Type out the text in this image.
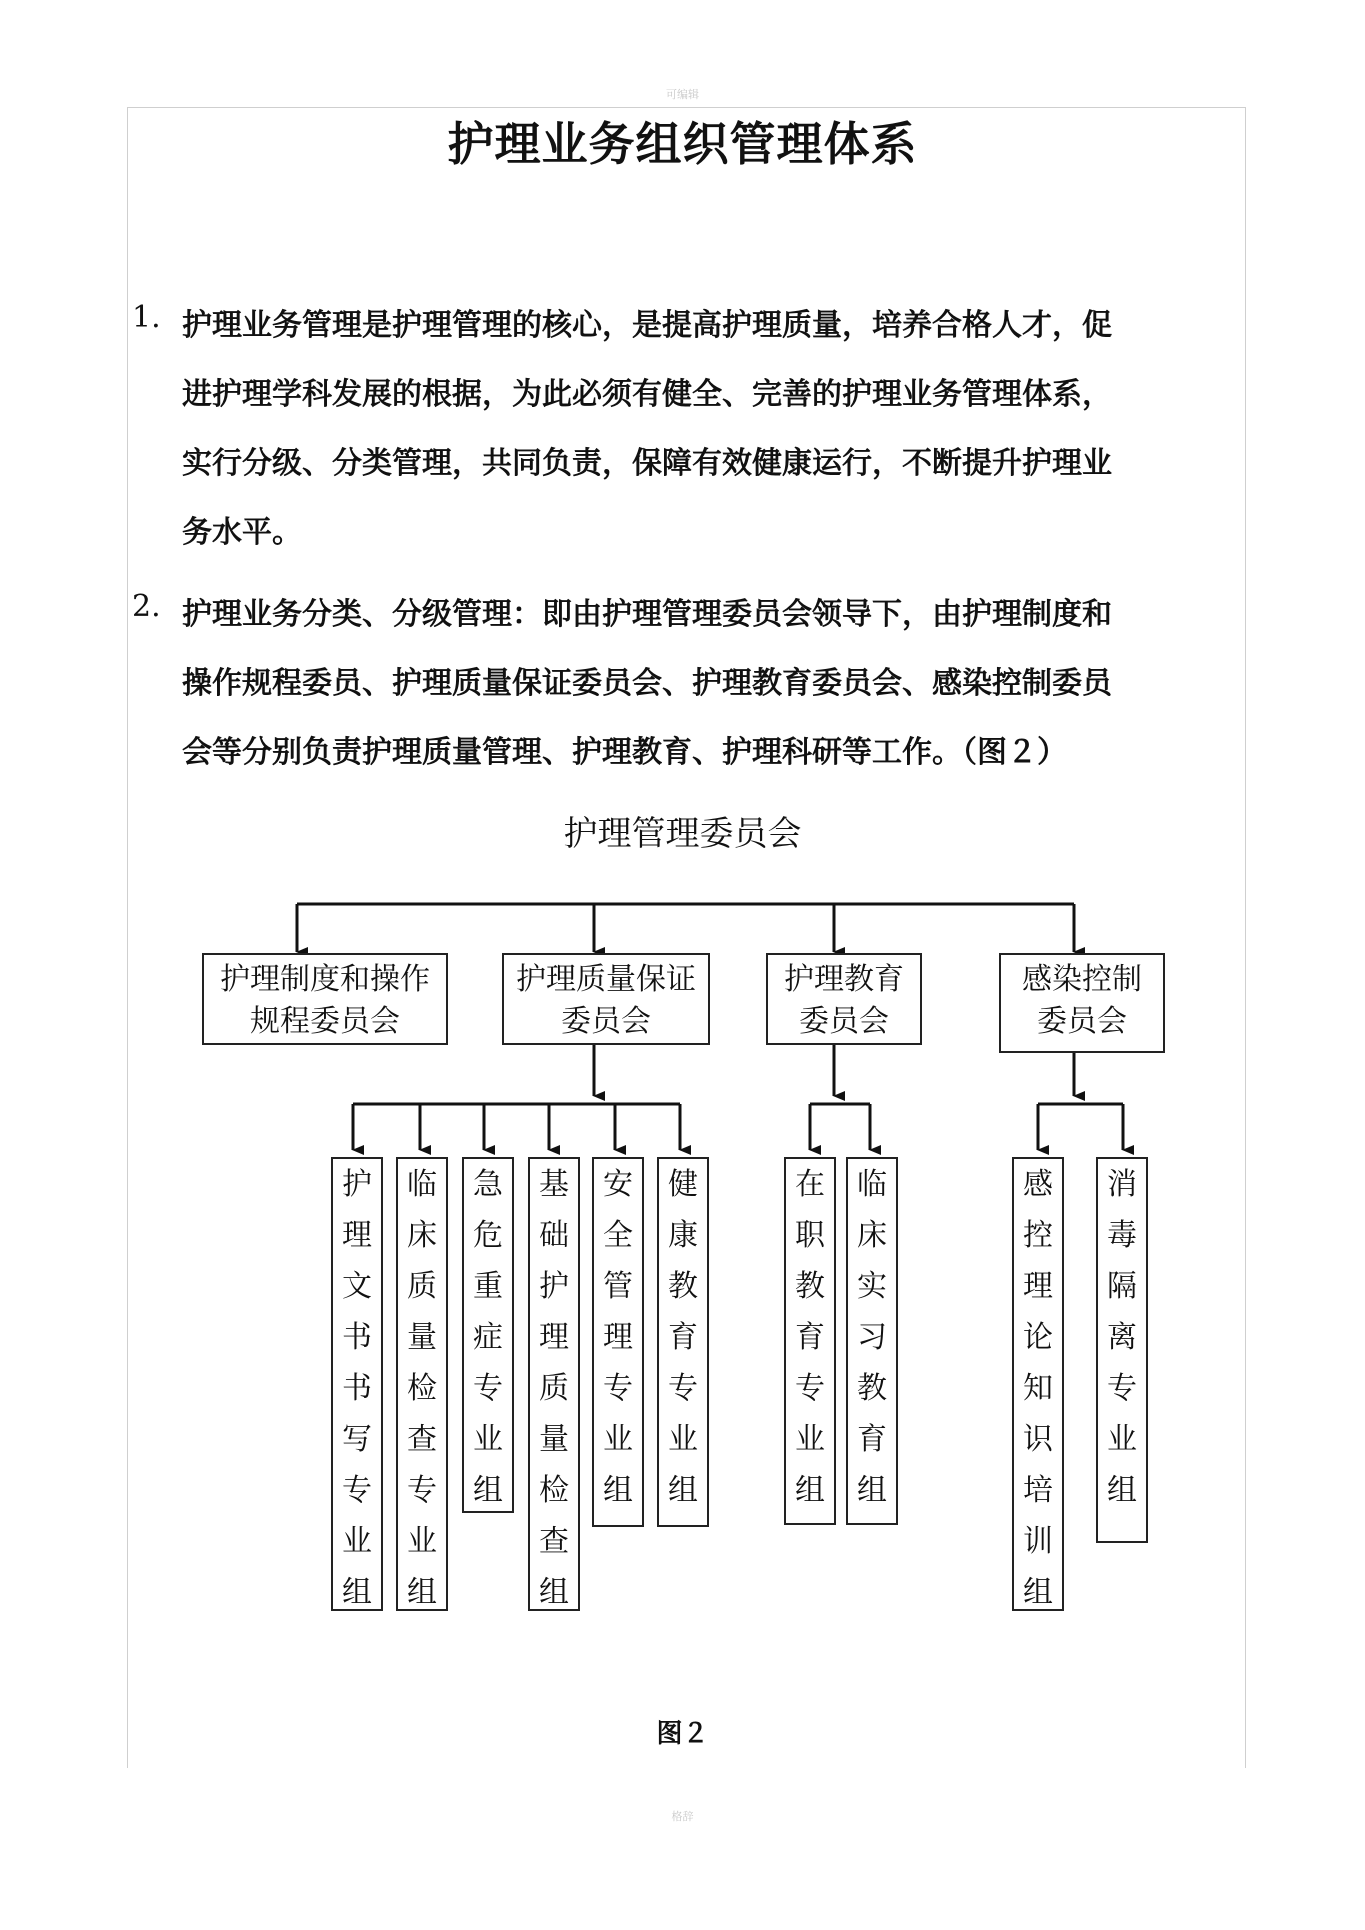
可编辑
护理业务组织管理体系
1. 护理业务管理是护理管理的核心，是提高护理质量，培养合格人才，促
进护理学科发展的根据，为此必须有健全、完善的护理业务管理体系，
实行分级、分类管理，共同负责，保障有效健康运行，不断提升护理业
务水平。
2. 护理业务分类、分级管理：即由护理管理委员会领导下，由护理制度和
操作规程委员、护理质量保证委员会、护理教育委员会、感染控制委员
会等分别负责护理质量管理、护理教育、护理科研等工作。（图２）
护理管理委员会
护理制度和操作
规程委员会
护理质量保证
委员会
护理教育
委员会
感染控制
委员会
护
理
文
书
书
写
专
业
组
临
床
质
量
检
查
专
业
组
急
危
重
症
专
业
组
基
础
护
理
质
量
检
查
组
安
全
管
理
专
业
组
健
康
教
育
专
业
组
在
职
教
育
专
业
组
临
床
实
习
教
育
组
感
控
理
论
知
识
培
训
组
消
毒
隔
离
专
业
组
图２
格辞
